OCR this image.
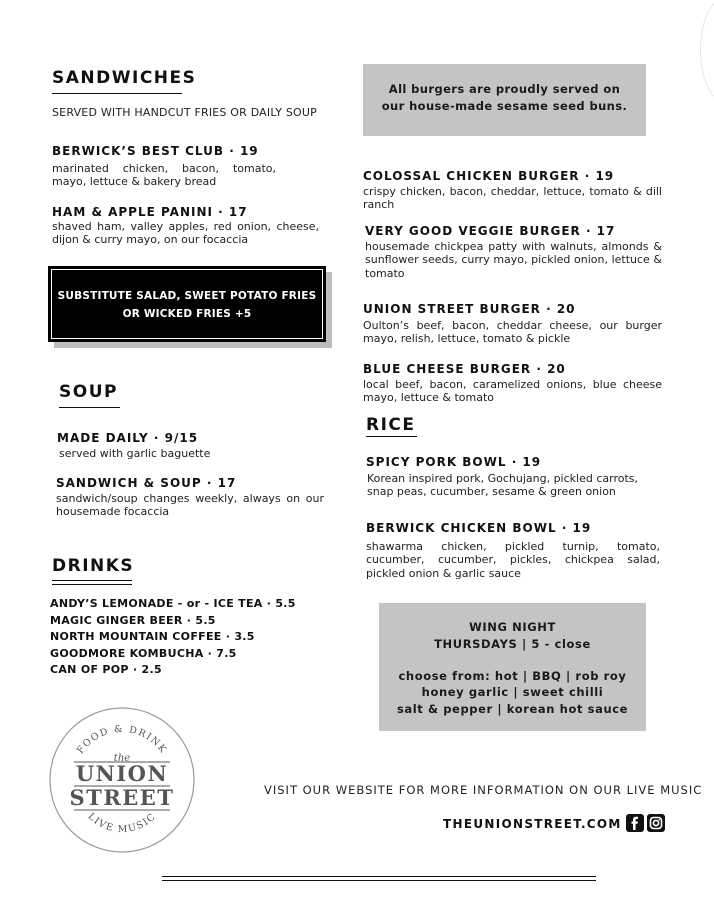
SANDWICHES
SERVED WITH HANDCUT FRIES OR DAILY SOUP
BERWICK’S BEST CLUB · 19
marinated chicken, bacon, tomato, mayo, lettuce & bakery bread
HAM & APPLE PANINI · 17
shaved ham, valley apples, red onion, cheese, dijon & curry mayo, on our focaccia
SUBSTITUTE SALAD, SWEET POTATO FRIES
OR WICKED FRIES +5
SOUP
MADE DAILY · 9/15
served with garlic baguette
SANDWICH & SOUP · 17
sandwich/soup changes weekly, always on our housemade focaccia
DRINKS
ANDY’S LEMONADE - or - ICE TEA · 5.5
MAGIC GINGER BEER · 5.5
NORTH MOUNTAIN COFFEE · 3.5
GOODMORE KOMBUCHA · 7.5
CAN OF POP · 2.5
FOOD & DRINK
LIVE MUSIC
the
UNION
STREET
All burgers are proudly served on
our house-made sesame seed buns.
COLOSSAL CHICKEN BURGER · 19
crispy chicken, bacon, cheddar, lettuce, tomato & dill ranch
VERY GOOD VEGGIE BURGER · 17
housemade chickpea patty with walnuts, almonds & sunflower seeds, curry mayo, pickled onion, lettuce & tomato
UNION STREET BURGER · 20
Oulton’s beef, bacon, cheddar cheese, our burger mayo, relish, lettuce, tomato & pickle
BLUE CHEESE BURGER · 20
local beef, bacon, caramelized onions, blue cheese mayo, lettuce & tomato
RICE
SPICY PORK BOWL · 19
Korean inspired pork, Gochujang, pickled carrots, snap peas, cucumber, sesame & green onion
BERWICK CHICKEN BOWL · 19
shawarma chicken, pickled turnip, tomato, cucumber, cucumber, pickles, chickpea salad, pickled onion & garlic sauce
WING NIGHT
THURSDAYS | 5 - close
choose from: hot | BBQ | rob roy
honey garlic | sweet chilli
salt & pepper | korean hot sauce
VISIT OUR WEBSITE FOR MORE INFORMATION ON OUR LIVE MUSIC
THEUNIONSTREET.COM
